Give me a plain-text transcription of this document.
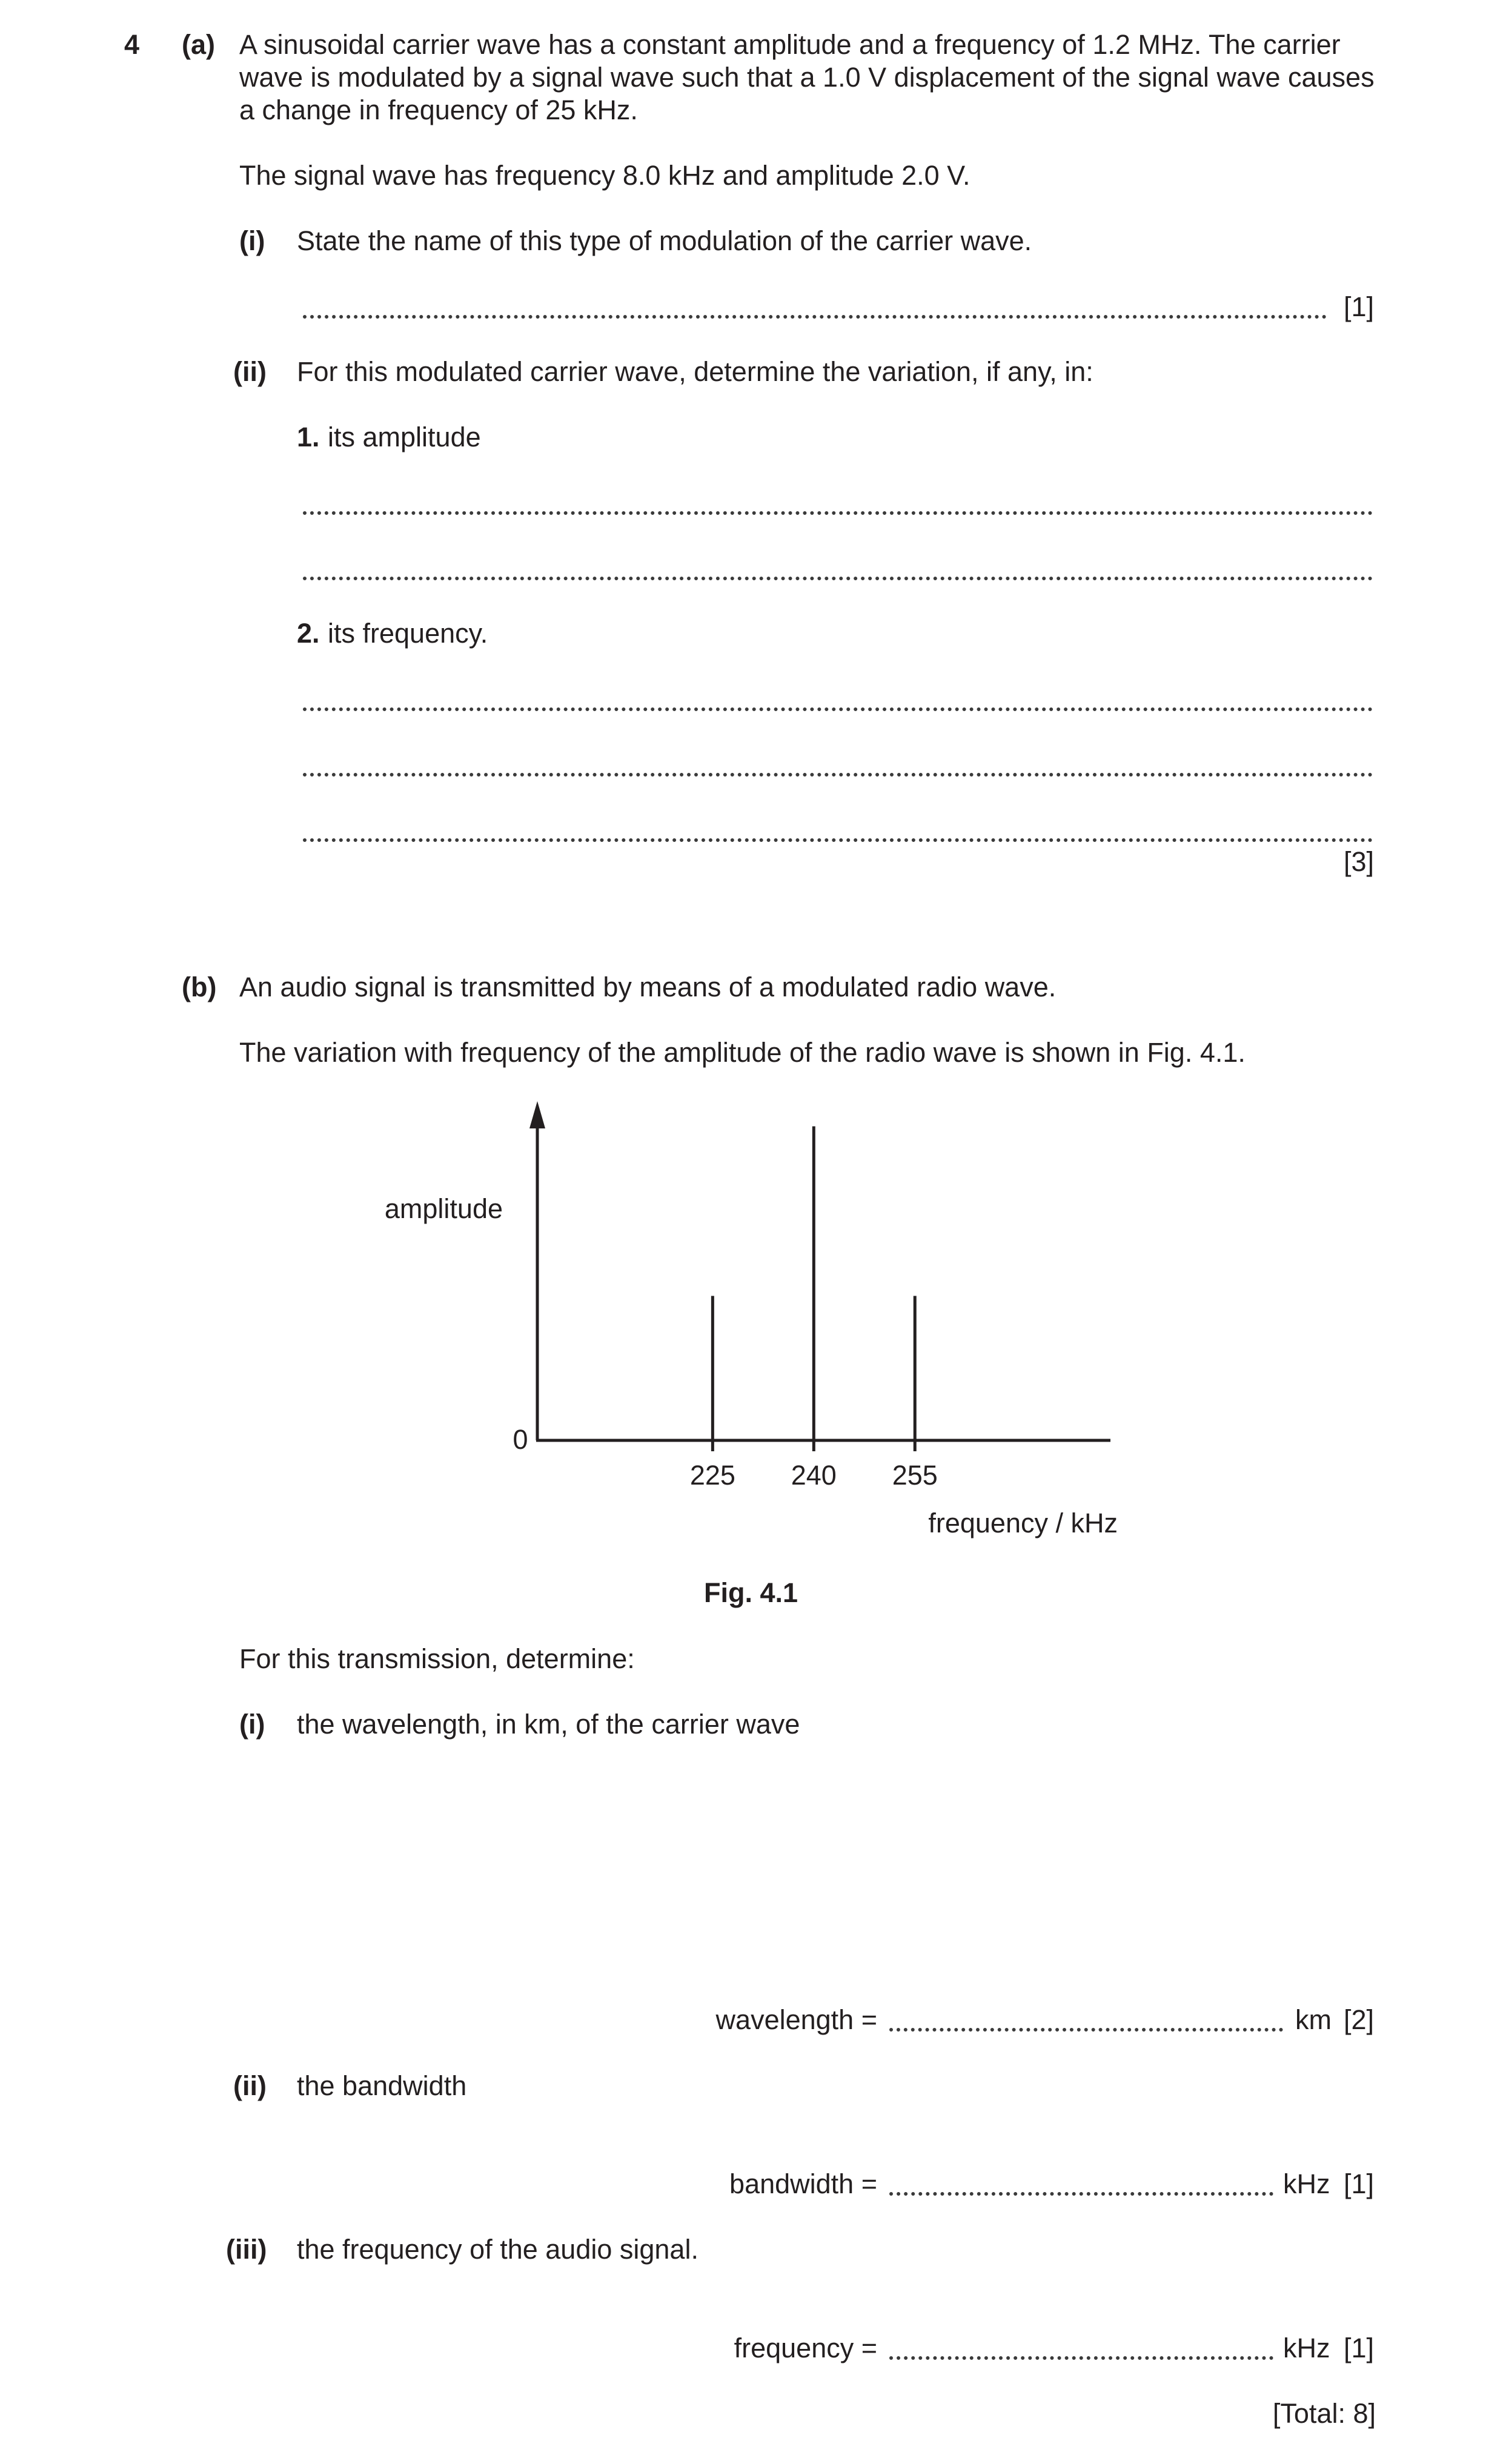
4 (a) A sinusoidal carrier wave has a constant amplitude and a frequency of 1.2 MHz. The carrier
wave is modulated by a signal wave such that a 1.0 V displacement of the signal wave causes
a change in frequency of 25 kHz.
The signal wave has frequency 8.0 kHz and amplitude 2.0 V.
(i) State the name of this type of modulation of the carrier wave.
[1]
(ii) For this modulated carrier wave, determine the variation, if any, in:
1. its amplitude
2. its frequency.
[3]
(b) An audio signal is transmitted by means of a modulated radio wave.
The variation with frequency of the amplitude of the radio wave is shown in Fig. 4.1.
225 240 255
0
amplitude
frequency / kHz
Fig. 4.1
For this transmission, determine:
(i) the wavelength, in km, of the carrier wave
wavelength =	km [2]
(ii) the bandwidth
bandwidth =	kHz [1]
(iii) the frequency of the audio signal.
frequency =	kHz [1]
[Total: 8]
